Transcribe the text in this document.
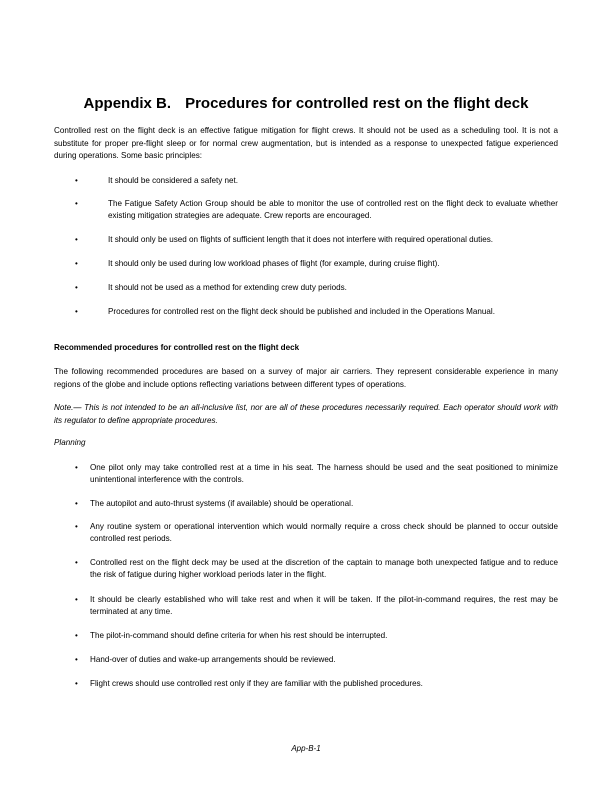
Appendix B. Procedures for controlled rest on the flight deck
Controlled rest on the flight deck is an effective fatigue mitigation for flight crews. It should not be used as a scheduling tool. It is not a substitute for proper pre-flight sleep or for normal crew augmentation, but is intended as a response to unexpected fatigue experienced during operations. Some basic principles:
•	It should be considered a safety net.
•	The Fatigue Safety Action Group should be able to monitor the use of controlled rest on the flight deck to evaluate whether existing mitigation strategies are adequate. Crew reports are encouraged.
•	It should only be used on flights of sufficient length that it does not interfere with required operational duties.
•	It should only be used during low workload phases of flight (for example, during cruise flight).
•	It should not be used as a method for extending crew duty periods.
•	Procedures for controlled rest on the flight deck should be published and included in the Operations Manual.
Recommended procedures for controlled rest on the flight deck
The following recommended procedures are based on a survey of major air carriers. They represent considerable experience in many regions of the globe and include options reflecting variations between different types of operations.
Note.— This is not intended to be an all-inclusive list, nor are all of these procedures necessarily required. Each operator should work with its regulator to define appropriate procedures.
Planning
• One pilot only may take controlled rest at a time in his seat. The harness should be used and the seat positioned to minimize unintentional interference with the controls.
• The autopilot and auto-thrust systems (if available) should be operational.
• Any routine system or operational intervention which would normally require a cross check should be planned to occur outside controlled rest periods.
• Controlled rest on the flight deck may be used at the discretion of the captain to manage both unexpected fatigue and to reduce the risk of fatigue during higher workload periods later in the flight.
• It should be clearly established who will take rest and when it will be taken. If the pilot-in-command requires, the rest may be terminated at any time.
• The pilot-in-command should define criteria for when his rest should be interrupted.
• Hand-over of duties and wake-up arrangements should be reviewed.
• Flight crews should use controlled rest only if they are familiar with the published procedures.
App-B-1
